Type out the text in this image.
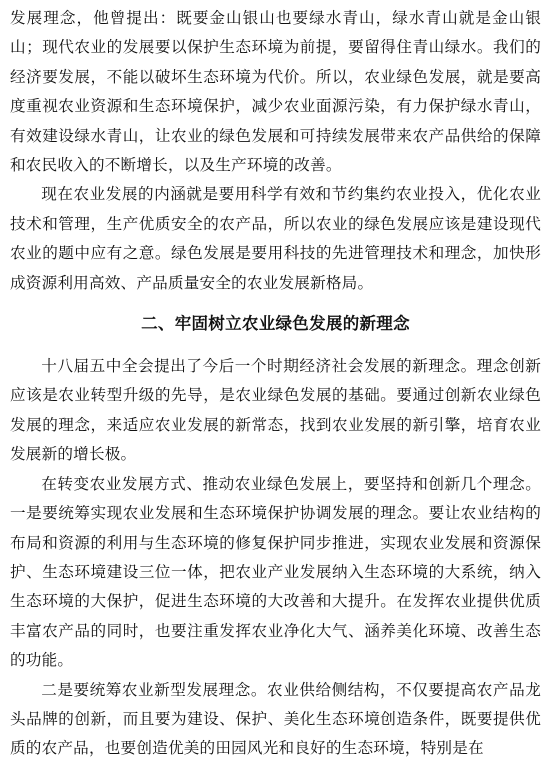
发展理念，他曾提出：既要金山银山也要绿水青山，绿水青山就是金山银山；现代农业的发展要以保护生态环境为前提，要留得住青山绿水。我们的经济要发展，不能以破坏生态环境为代价。所以，农业绿色发展，就是要高度重视农业资源和生态环境保护，减少农业面源污染，有力保护绿水青山，有效建设绿水青山，让农业的绿色发展和可持续发展带来农产品供给的保障和农民收入的不断增长，以及生产环境的改善。

现在农业发展的内涵就是要用科学有效和节约集约农业投入，优化农业技术和管理，生产优质安全的农产品，所以农业的绿色发展应该是建设现代农业的题中应有之意。绿色发展是要用科技的先进管理技术和理念，加快形成资源利用高效、产品质量安全的农业发展新格局。

二、牢固树立农业绿色发展的新理念

十八届五中全会提出了今后一个时期经济社会发展的新理念。理念创新应该是农业转型升级的先导，是农业绿色发展的基础。要通过创新农业绿色发展的理念，来适应农业发展的新常态，找到农业发展的新引擎，培育农业发展新的增长极。

在转变农业发展方式、推动农业绿色发展上，要坚持和创新几个理念。一是要统筹实现农业发展和生态环境保护协调发展的理念。要让农业结构的布局和资源的利用与生态环境的修复保护同步推进，实现农业发展和资源保护、生态环境建设三位一体，把农业产业发展纳入生态环境的大系统，纳入生态环境的大保护，促进生态环境的大改善和大提升。在发挥农业提供优质丰富农产品的同时，也要注重发挥农业净化大气、涵养美化环境、改善生态的功能。

二是要统筹农业新型发展理念。农业供给侧结构，不仅要提高农产品龙头品牌的创新，而且要为建设、保护、美化生态环境创造条件，既要提供优质的农产品，也要创造优美的田园风光和良好的生态环境，特别是在
